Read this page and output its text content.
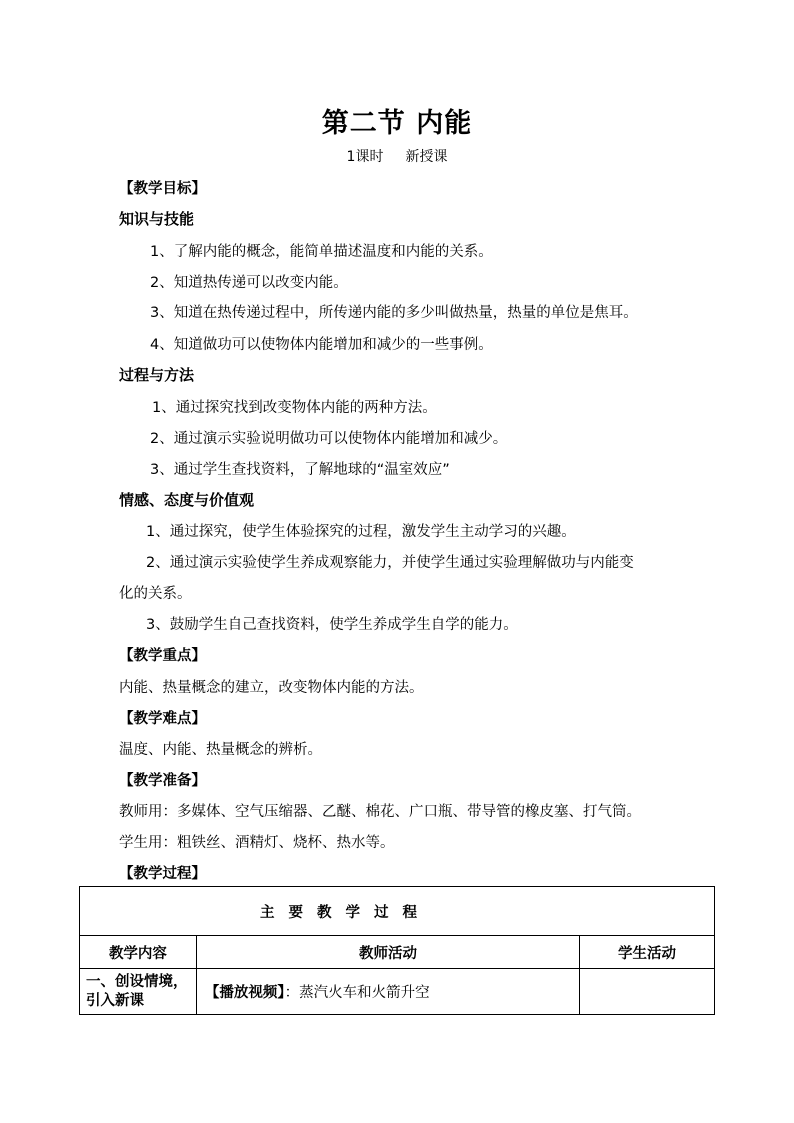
第二节 内能
1课时 新授课
【教学目标】
知识与技能
1、了解内能的概念，能简单描述温度和内能的关系。
2、知道热传递可以改变内能。
3、知道在热传递过程中，所传递内能的多少叫做热量，热量的单位是焦耳。
4、知道做功可以使物体内能增加和减少的一些事例。
过程与方法
1、通过探究找到改变物体内能的两种方法。
2、通过演示实验说明做功可以使物体内能增加和减少。
3、通过学生查找资料，了解地球的“温室效应”
情感、态度与价值观
1、通过探究，使学生体验探究的过程，激发学生主动学习的兴趣。
2、通过演示实验使学生养成观察能力，并使学生通过实验理解做功与内能变
化的关系。
3、鼓励学生自己查找资料，使学生养成学生自学的能力。
【教学重点】
内能、热量概念的建立，改变物体内能的方法。
【教学难点】
温度、内能、热量概念的辨析。
【教学准备】
教师用：多媒体、空气压缩器、乙醚、棉花、广口瓶、带导管的橡皮塞、打气筒。
学生用：粗铁丝、酒精灯、烧杯、热水等。
【教学过程】
主要教学过程		
教学内容	教师活动	学生活动

一、创设情境，
引入新课	【播放视频】：蒸汽火车和火箭升空	
